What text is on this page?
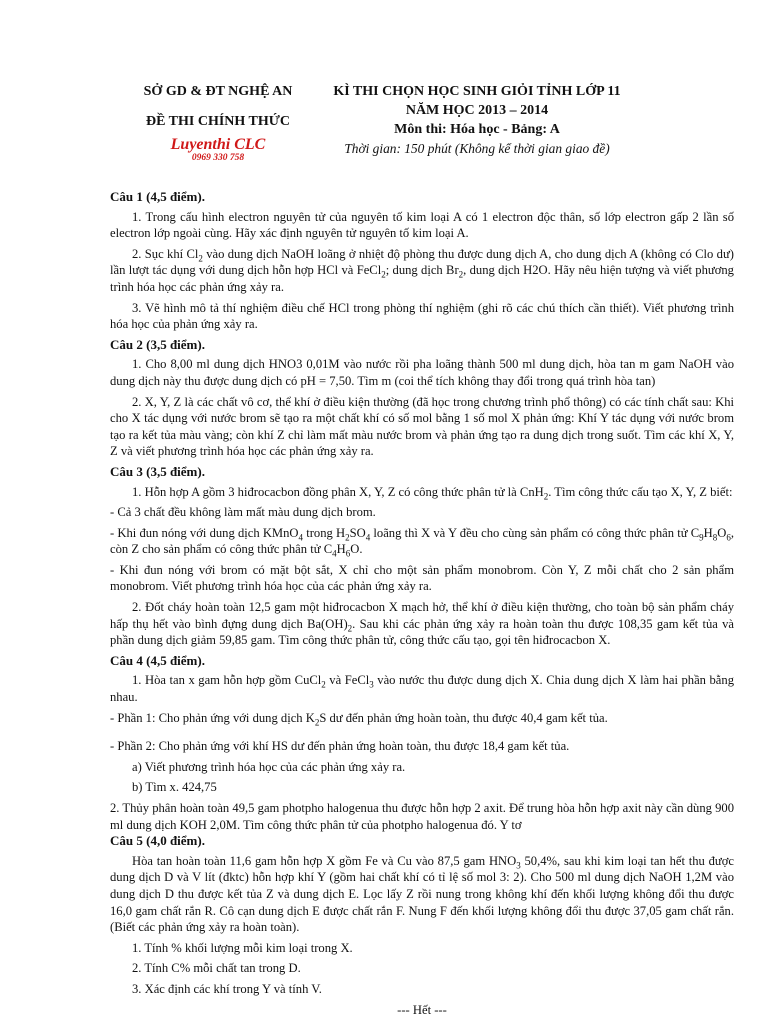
SỞ GD & ĐT NGHỆ AN
ĐỀ THI CHÍNH THỨC
Luyenthi CLC
0969 330 758
KÌ THI CHỌN HỌC SINH GIỎI TỈNH LỚP 11
NĂM HỌC 2013 – 2014
Môn thi: Hóa học - Bảng: A
Thời gian: 150 phút (Không kể thời gian giao đề)
Câu 1 (4,5 điểm).

1. Trong cấu hình electron nguyên tử của nguyên tố kim loại A có 1 electron độc thân, số lớp electron gấp 2 lần số electron lớp ngoài cùng. Hãy xác định nguyên tử nguyên tố kim loại A.

2. Sục khí $Cl_2$ vào dung dịch NaOH loãng ở nhiệt độ phòng thu được dung dịch A, cho dung dịch A (không có Clo dư) lần lượt tác dụng với dung dịch hỗn hợp HCl và FeCl$_2$; dung dịch $Br_2$, dung dịch H2O. Hãy nêu hiện tượng và viết phương trình hóa học các phản ứng xảy ra.

3. Vẽ hình mô tả thí nghiệm điều chế HCl trong phòng thí nghiệm (ghi rõ các chú thích cần thiết). Viết phương trình hóa học của phản ứng xảy ra.

Câu 2 (3,5 điểm).

1. Cho 8,00 ml dung dịch HNO3 0,01M vào nước rồi pha loãng thành 500 ml dung dịch, hòa tan m gam NaOH vào dung dịch này thu được dung dịch có pH = 7,50. Tìm m (coi thể tích không thay đổi trong quá trình hòa tan)

2. X, Y, Z là các chất vô cơ, thể khí ở điều kiện thường (đã học trong chương trình phổ thông) có các tính chất sau: Khi cho X tác dụng với nước brom sẽ tạo ra một chất khí có số mol bằng 1 số mol X phản ứng: Khí Y tác dụng với nước brom tạo ra kết tủa màu vàng; còn khí Z chỉ làm mất màu nước brom và phản ứng tạo ra dung dịch trong suốt. Tìm các khí X, Y, Z và viết phương trình hóa học các phản ứng xảy ra.

Câu 3 (3,5 điểm).

1. Hỗn hợp A gồm 3 hiđrocacbon đồng phân X, Y, Z có công thức phân tử là CnH$_2$. Tìm công thức cấu tạo X, Y, Z biết:

- Cả 3 chất đều không làm mất màu dung dịch brom.

- Khi đun nóng với dung dịch KMnO$_4$ trong $H_2SO_4$ loãng thì X và Y đều cho cùng sản phẩm có công thức phân tử $C_9H_8O_6$, còn Z cho sản phẩm có công thức phân tử $C_4H_6O$.

- Khi đun nóng với brom có mặt bột sắt, X chỉ cho một sản phẩm monobrom. Còn Y, Z mỗi chất cho 2 sản phẩm monobrom. Viết phương trình hóa học của các phản ứng xảy ra.

2. Đốt cháy hoàn toàn 12,5 gam một hiđrocacbon X mạch hở, thể khí ở điều kiện thường, cho toàn bộ sản phẩm cháy hấp thụ hết vào bình đựng dung dịch $Ba(OH)_2$. Sau khi các phản ứng xảy ra hoàn toàn thu được 108,35 gam kết tủa và phần dung dịch giảm 59,85 gam. Tìm công thức phân tử, công thức cấu tạo, gọi tên hiđrocacbon X.

Câu 4 (4,5 điểm).

1. Hòa tan x gam hỗn hợp gồm CuCl$_2$ và FeCl$_3$ vào nước thu được dung dịch X. Chia dung dịch X làm hai phần bằng nhau.

- Phần 1: Cho phản ứng với dung dịch $K_2S$ dư đến phản ứng hoàn toàn, thu được 40,4 gam kết tủa.

- Phần 2: Cho phản ứng với khí HS dư đến phản ứng hoàn toàn, thu được 18,4 gam kết tủa.

a) Viết phương trình hóa học của các phản ứng xảy ra.

b) Tìm x. 424,75

2. Thủy phân hoàn toàn 49,5 gam photpho halogenua thu được hỗn hợp 2 axit. Để trung hòa hỗn hợp axit này cần dùng 900 ml dung dịch KOH 2,0M. Tìm công thức phân tử của photpho halogenua đó. Y tơ

Câu 5 (4,0 điểm).

Hòa tan hoàn toàn 11,6 gam hỗn hợp X gồm Fe và Cu vào 87,5 gam $HNO_3$ 50,4%, sau khi kim loại tan hết thu được dung dịch D và V lít (đktc) hỗn hợp khí Y (gồm hai chất khí có tỉ lệ số mol 3: 2). Cho 500 ml dung dịch NaOH 1,2M vào dung dịch D thu được kết tủa Z và dung dịch E. Lọc lấy Z rồi nung trong không khí đến khối lượng không đổi thu được 16,0 gam chất rắn R. Cô cạn dung dịch E được chất rắn F. Nung F đến khối lượng không đổi thu được 37,05 gam chất rắn. (Biết các phản ứng xảy ra hoàn toàn).

1. Tính % khối lượng mỗi kim loại trong X.

2. Tính C% mỗi chất tan trong D.

3. Xác định các khí trong Y và tính V.

--- Hết ---
